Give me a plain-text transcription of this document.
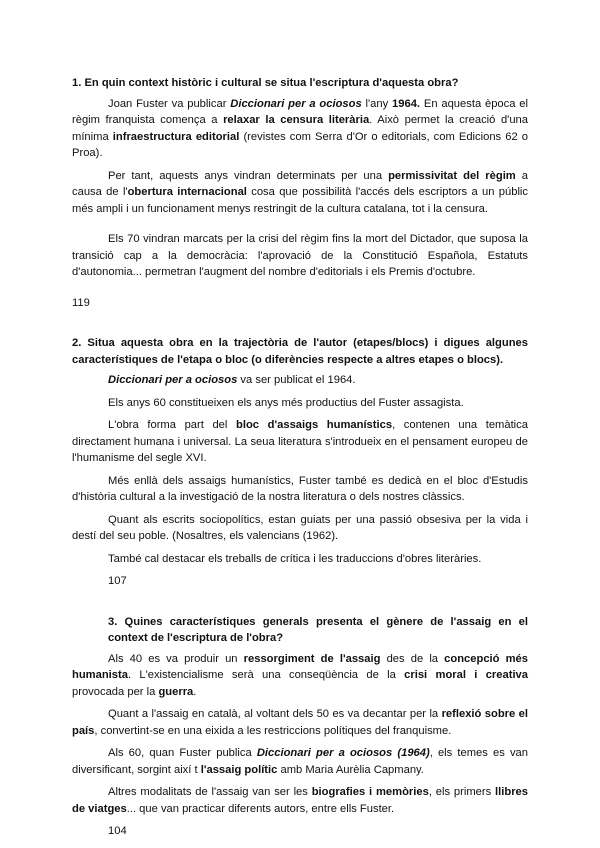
1. En quin context històric i cultural se situa l'escriptura d'aquesta obra?

Joan Fuster va publicar Diccionari per a ociosos l'any 1964. En aquesta època el règim franquista comença a relaxar la censura literària. Això permet la creació d'una mínima infraestructura editorial (revistes com Serra d'Or o editorials, com Edicions 62 o Proa).

Per tant, aquests anys vindran determinats per una permissivitat del règim a causa de l'obertura internacional cosa que possibilità l'accés dels escriptors a un públic més ampli i un funcionament menys restringit de la cultura catalana, tot i la censura.

Els 70 vindran marcats per la crisi del règim fins la mort del Dictador, que suposa la transició cap a la democràcia: l'aprovació de la Constitució Española, Estatuts d'autonomia... permetran l'augment del nombre d'editorials i els Premis d'octubre.

119

2. Situa aquesta obra en la trajectòria de l'autor (etapes/blocs) i digues algunes característiques de l'etapa o bloc (o diferències respecte a altres etapes o blocs).

Diccionari per a ociosos va ser publicat el 1964.

Els anys 60 constitueixen els anys més productius del Fuster assagista.

L'obra forma part del bloc d'assaigs humanístics, contenen una temàtica directament humana i universal. La seua literatura s'introdueix en el pensament europeu de l'humanisme del segle XVI.

Més enllà dels assaigs humanístics, Fuster també es dedicà en el bloc d'Estudis d'història cultural a la investigació de la nostra literatura o dels nostres clàssics.

Quant als escrits sociopolítics, estan guiats per una passió obsesiva per la vida i destí del seu poble. (Nosaltres, els valencians (1962).

També cal destacar els treballs de crítica i les traduccions d'obres literàries.

107

3. Quines característiques generals presenta el gènere de l'assaig en el context de l'escriptura de l'obra?

Als 40 es va produir un ressorgiment de l'assaig des de la concepció més humanista. L'existencialisme serà una conseqüència de la crisi moral i creativa provocada per la guerra.

Quant a l'assaig en català, al voltant dels 50 es va decantar per la reflexió sobre el país, convertint-se en una eixida a les restriccions polítiques del franquisme.

Als 60, quan Fuster publica Diccionari per a ociosos (1964), els temes es van diversificant, sorgint així t l'assaig polític amb Maria Aurèlia Capmany.

Altres modalitats de l'assaig van ser les biografies i memòries, els primers llibres de viatges... que van practicar diferents autors, entre ells Fuster.

104
